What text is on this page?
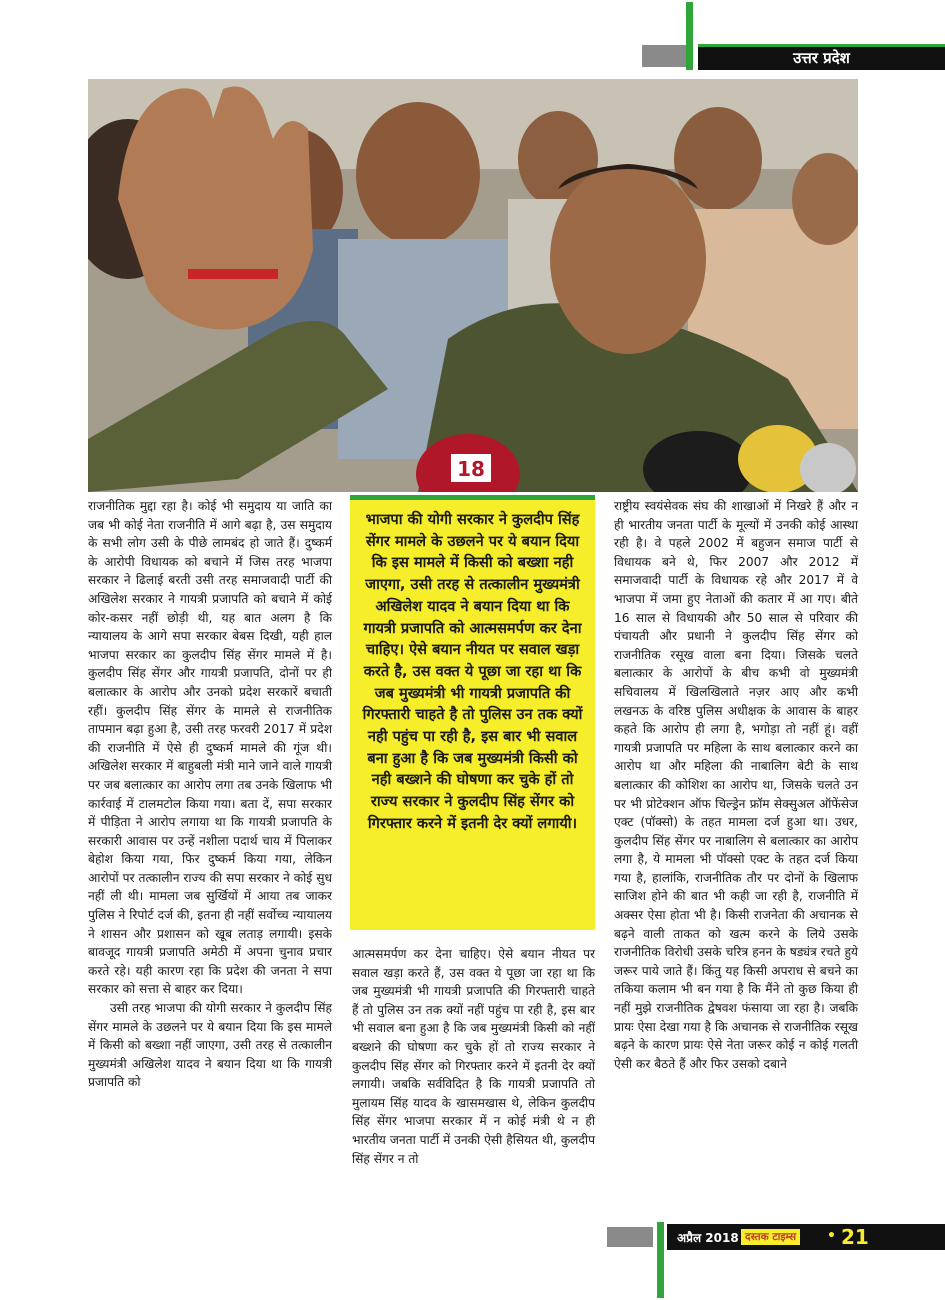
उत्तर प्रदेश
18

राजनीतिक मुद्दा रहा है। कोई भी समुदाय या जाति का जब भी कोई नेता राजनीति में आगे बढ़ा है, उस समुदाय के सभी लोग उसी के पीछे लामबंद हो जाते हैं। दुष्कर्म के आरोपी विधायक को बचाने में जिस तरह भाजपा सरकार ने ढिलाई बरती उसी तरह समाजवादी पार्टी की अखिलेश सरकार ने गायत्री प्रजापति को बचाने में कोई कोर-कसर नहीं छोड़ी थी, यह बात अलग है कि न्यायालय के आगे सपा सरकार बेबस दिखी, यही हाल भाजपा सरकार का कुलदीप सिंह सेंगर मामले में है। कुलदीप सिंह सेंगर और गायत्री प्रजापति, दोनों पर ही बलात्कार के आरोप और उनको प्रदेश सरकारें बचाती रहीं। कुलदीप सिंह सेंगर के मामले से राजनीतिक तापमान बढ़ा हुआ है, उसी तरह फरवरी 2017 में प्रदेश की राजनीति में ऐसे ही दुष्कर्म मामले की गूंज थी। अखिलेश सरकार में बाहुबली मंत्री माने जाने वाले गायत्री पर जब बलात्कार का आरोप लगा तब उनके खिलाफ भी कार्रवाई में टालमटोल किया गया। बता दें, सपा सरकार में पीड़िता ने आरोप लगाया था कि गायत्री प्रजापति के सरकारी आवास पर उन्हें नशीला पदार्थ चाय में पिलाकर बेहोश किया गया, फिर दुष्कर्म किया गया, लेकिन आरोपों पर तत्कालीन राज्य की सपा सरकार ने कोई सुध नहीं ली थी। मामला जब सुर्खियों में आया तब जाकर पुलिस ने रिपोर्ट दर्ज की, इतना ही नहीं सर्वोच्च न्यायालय ने शासन और प्रशासन को खूब लताड़ लगायी। इसके बावजूद गायत्री प्रजापति अमेठी में अपना चुनाव प्रचार करते रहे। यही कारण रहा कि प्रदेश की जनता ने सपा सरकार को सत्ता से बाहर कर दिया।

उसी तरह भाजपा की योगी सरकार ने कुलदीप सिंह सेंगर मामले के उछलने पर ये बयान दिया कि इस मामले में किसी को बख्शा नहीं जाएगा, उसी तरह से तत्कालीन मुख्यमंत्री अखिलेश यादव ने बयान दिया था कि गायत्री प्रजापति को

भाजपा की योगी सरकार ने कुलदीप सिंह सेंगर मामले के उछलने पर ये बयान दिया कि इस मामले में किसी को बख्शा नही जाएगा, उसी तरह से तत्कालीन मुख्यमंत्री अखिलेश यादव ने बयान दिया था कि गायत्री प्रजापति को आत्मसमर्पण कर देना चाहिए। ऐसे बयान नीयत पर सवाल खड़ा करते है, उस वक्त ये पूछा जा रहा था कि जब मुख्यमंत्री भी गायत्री प्रजापति की गिरफ्तारी चाहते है तो पुलिस उन तक क्यों नही पहुंच पा रही है, इस बार भी सवाल बना हुआ है कि जब मुख्यमंत्री किसी को नही बख्शने की घोषणा कर चुके हों तो राज्य सरकार ने कुलदीप सिंह सेंगर को गिरफ्तार करने में इतनी देर क्यों लगायी।

आत्मसमर्पण कर देना चाहिए। ऐसे बयान नीयत पर सवाल खड़ा करते हैं, उस वक्त ये पूछा जा रहा था कि जब मुख्यमंत्री भी गायत्री प्रजापति की गिरफ्तारी चाहते हैं तो पुलिस उन तक क्यों नहीं पहुंच पा रही है, इस बार भी सवाल बना हुआ है कि जब मुख्यमंत्री किसी को नहीं बख्शने की घोषणा कर चुके हों तो राज्य सरकार ने कुलदीप सिंह सेंगर को गिरफ्तार करने में इतनी देर क्यों लगायी। जबकि सर्वविदित है कि गायत्री प्रजापति तो मुलायम सिंह यादव के खासमखास थे, लेकिन कुलदीप सिंह सेंगर भाजपा सरकार में न कोई मंत्री थे न ही भारतीय जनता पार्टी में उनकी ऐसी हैसियत थी, कुलदीप सिंह सेंगर न तो

राष्ट्रीय स्वयंसेवक संघ की शाखाओं में निखरे हैं और न ही भारतीय जनता पार्टी के मूल्यों में उनकी कोई आस्था रही है। वे पहले 2002 में बहुजन समाज पार्टी से विधायक बने थे, फिर 2007 और 2012 में समाजवादी पार्टी के विधायक रहे और 2017 में वे भाजपा में जमा हुए नेताओं की कतार में आ गए। बीते 16 साल से विधायकी और 50 साल से परिवार की पंचायती और प्रधानी ने कुलदीप सिंह सेंगर को राजनीतिक रसूख वाला बना दिया। जिसके चलते बलात्कार के आरोपों के बीच कभी वो मुख्यमंत्री सचिवालय में खिलखिलाते नज़र आए और कभी लखनऊ के वरिष्ठ पुलिस अधीक्षक के आवास के बाहर कहते कि आरोप ही लगा है, भगोड़ा तो नहीं हूं। वहीं गायत्री प्रजापति पर महिला के साथ बलात्कार करने का आरोप था और महिला की नाबालिग बेटी के साथ बलात्कार की कोशिश का आरोप था, जिसके चलते उन पर भी प्रोटेक्शन ऑफ चिल्ड्रेन फ्रॉम सेक्सुअल ऑफेंसेज एक्ट (पॉक्सो) के तहत मामला दर्ज हुआ था। उधर, कुलदीप सिंह सेंगर पर नाबालिग से बलात्कार का आरोप लगा है, ये मामला भी पॉक्सो एक्ट के तहत दर्ज किया गया है, हालांकि, राजनीतिक तौर पर दोनों के खिलाफ साजिश होने की बात भी कही जा रही है, राजनीति में अक्सर ऐसा होता भी है। किसी राजनेता की अचानक से बढ़ने वाली ताकत को खत्म करने के लिये उसके राजनीतिक विरोधी उसके चरित्र हनन के षड्यंत्र रचते हुये जरूर पाये जाते हैं। किंतु यह किसी अपराध से बचने का तकिया कलाम भी बन गया है कि मैंने तो कुछ किया ही नहीं मुझे राजनीतिक द्वेषवश फंसाया जा रहा है। जबकि प्रायः ऐसा देखा गया है कि अचानक से राजनीतिक रसूख बढ़ने के कारण प्रायः ऐसे नेता जरूर कोई न कोई गलती ऐसी कर बैठते हैं और फिर उसको दबाने

अप्रैल 2018 दस्तक टाइम्स • 21
